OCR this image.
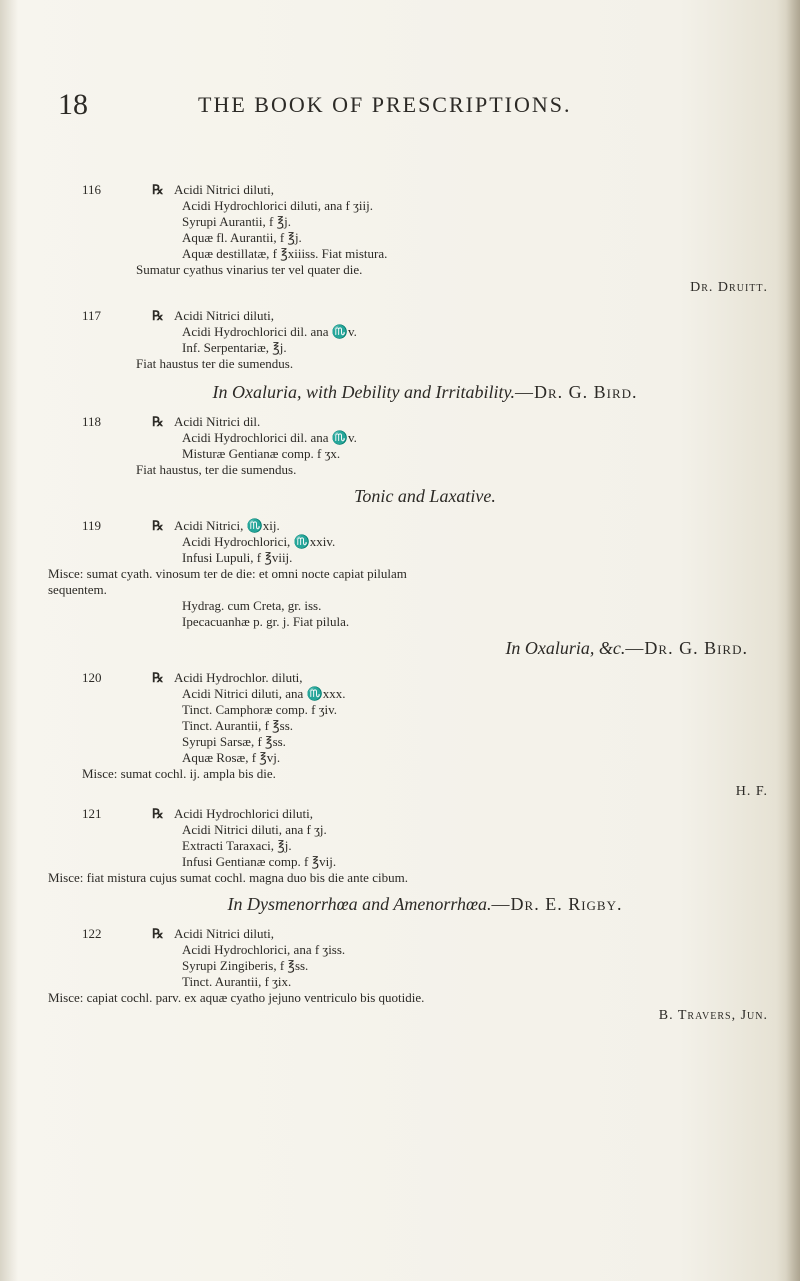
18	THE BOOK OF PRESCRIPTIONS.
116	℞ Acidi Nitrici diluti,
Acidi Hydrochlorici diluti, ana f ʒiij.
Syrupi Aurantii, f ℥j.
Aquæ fl. Aurantii, f ℥j.
Aquæ destillatæ, f ℥xiiiss. Fiat mistura.
Sumatur cyathus vinarius ter vel quater die.
Dr. Druitt.
117	℞ Acidi Nitrici diluti,
Acidi Hydrochlorici dil. ana ♏v.
Inf. Serpentariæ, ℥j.
Fiat haustus ter die sumendus.
In Oxaluria, with Debility and Irritability.—Dr. G. Bird.
118	℞ Acidi Nitrici dil.
Acidi Hydrochlorici dil. ana ♏v.
Misturæ Gentianæ comp. f ʒx.
Fiat haustus, ter die sumendus.
Tonic and Laxative.
119	℞ Acidi Nitrici, ♏xij.
Acidi Hydrochlorici, ♏xxiv.
Infusi Lupuli, f ℥viij.
Misce: sumat cyath. vinosum ter de die: et omni nocte capiat pilulam
sequentem.
Hydrag. cum Creta, gr. iss.
Ipecacuanhæ p. gr. j. Fiat pilula.
In Oxaluria, &c.—Dr. G. Bird.
120	℞ Acidi Hydrochlor. diluti,
Acidi Nitrici diluti, ana ♏xxx.
Tinct. Camphoræ comp. f ʒiv.
Tinct. Aurantii, f ℥ss.
Syrupi Sarsæ, f ℥ss.
Aquæ Rosæ, f ℥vj.
Misce: sumat cochl. ij. ampla bis die.
H. F.
121	℞ Acidi Hydrochlorici diluti,
Acidi Nitrici diluti, ana f ʒj.
Extracti Taraxaci, ℥j.
Infusi Gentianæ comp. f ℥vij.
Misce: fiat mistura cujus sumat cochl. magna duo bis die ante cibum.
In Dysmenorrhœa and Amenorrhœa.—Dr. E. Rigby.
122	℞ Acidi Nitrici diluti,
Acidi Hydrochlorici, ana f ʒiss.
Syrupi Zingiberis, f ℥ss.
Tinct. Aurantii, f ʒix.
Misce: capiat cochl. parv. ex aquæ cyatho jejuno ventriculo bis quotidie.
B. Travers, Jun.
